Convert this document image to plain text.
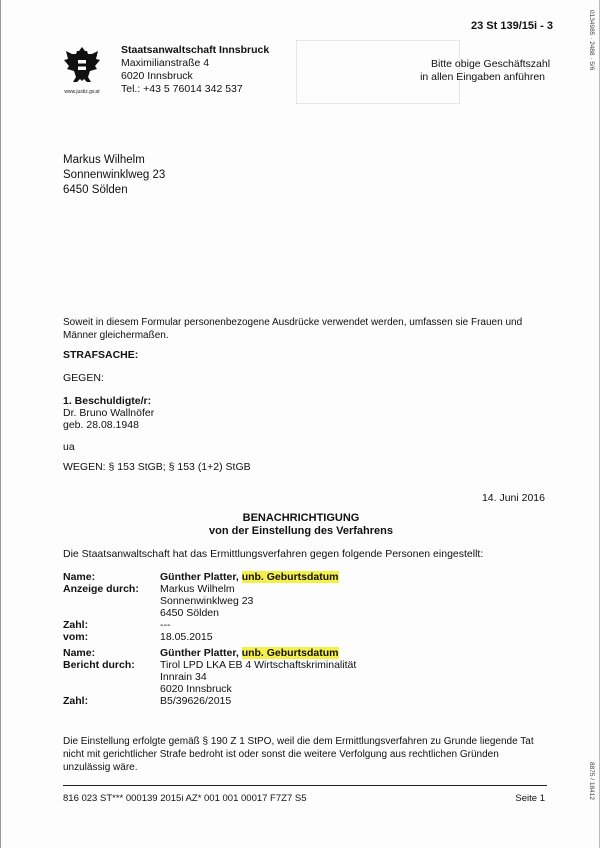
23 St 139/15i - 3
www.justiz.gv.at
Staatsanwaltschaft Innsbruck
Maximilianstraße 4
6020 Innsbruck
Tel.: +43 5 76014 342 537
Bitte obige Geschäftszahl
in allen Eingaben anführen
0134985 · 2488 · 5/6
8875 / 18412
Markus Wilhelm
Sonnenwinklweg 23
6450 Sölden
Soweit in diesem Formular personenbezogene Ausdrücke verwendet werden, umfassen sie Frauen und
Männer gleichermaßen.
STRAFSACHE:
GEGEN:
1. Beschuldigte/r:
Dr. Bruno Wallnöfer
geb. 28.08.1948
ua
WEGEN: § 153 StGB; § 153 (1+2) StGB
14. Juni 2016
BENACHRICHTIGUNG
von der Einstellung des Verfahrens
Die Staatsanwaltschaft hat das Ermittlungsverfahren gegen folgende Personen eingestellt:
Name:	Günther Platter, unb. Geburtsdatum
Anzeige durch: Markus Wilhelm
Sonnenwinklweg 23
6450 Sölden
Zahl:	---
vom:	18.05.2015
Name:	Günther Platter, unb. Geburtsdatum
Bericht durch: Tirol LPD LKA EB 4 Wirtschaftskriminalität
Innrain 34
6020 Innsbruck
Zahl:	B5/39626/2015
Die Einstellung erfolgte gemäß § 190 Z 1 StPO, weil die dem Ermittlungsverfahren zu Grunde liegende Tat
nicht mit gerichtlicher Strafe bedroht ist oder sonst die weitere Verfolgung aus rechtlichen Gründen
unzulässig wäre.
816 023 ST*** 000139 2015i AZ* 001 001 00017 F7Z7 S5	Seite 1
